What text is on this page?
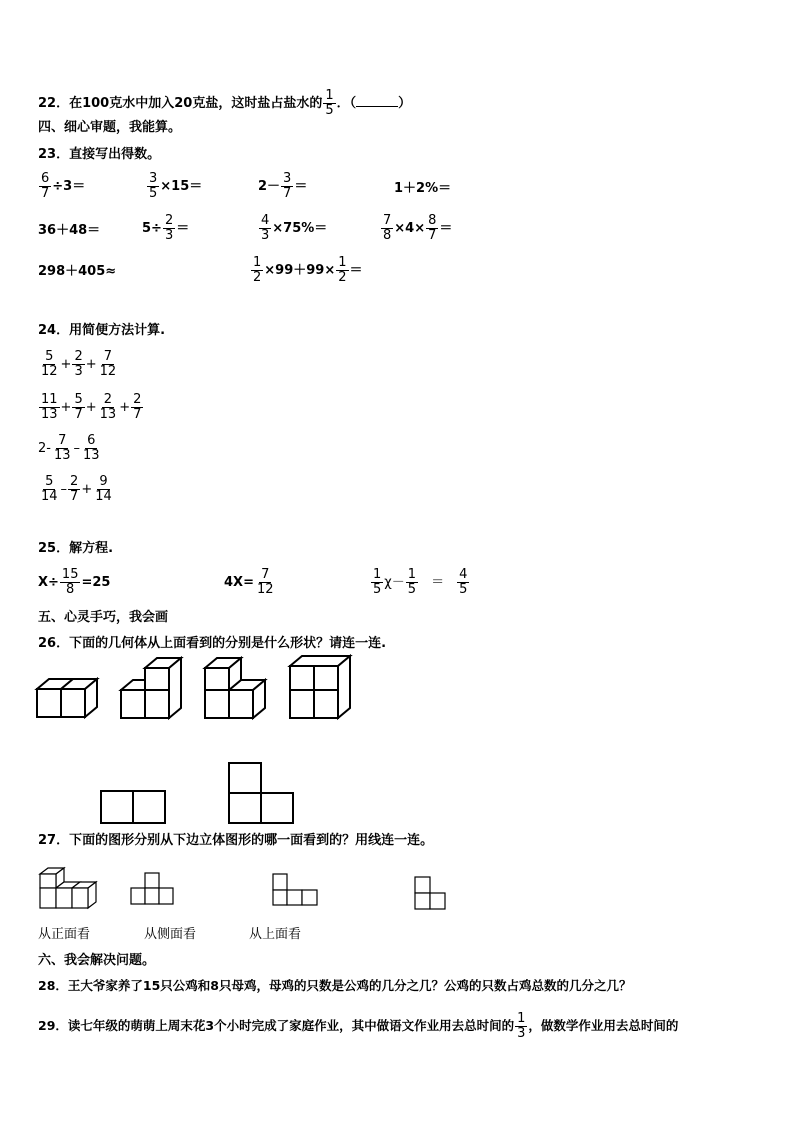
22．在100克水中加入20克盐，这时盐占盐水的 $\frac{1}{5}$ ．（	）
四、细心审题，我能算。
23．直接写出得数。
$\frac{6}{7} \div 3=$	$\frac{3}{5} \times 15=$	$2- \frac{3}{7}$ ＝	1＋2%＝
36＋48＝	$5\div \frac{2}{3}$ ＝	$\frac{4}{3} \times 75\%=$	$\frac{7}{8} \times 4\times \frac{8}{7}$ ＝
298＋405≈	$\frac{1}{2} \times 99+99\times \frac{1}{2}$ ＝
24．用简便方法计算.
$\frac{5}{12} + \frac{2}{3} + \frac{7}{12}$
$\frac{11}{13} + \frac{5}{7} + \frac{2}{13} + \frac{2}{7}$
$2- \frac{7}{13} - \frac{6}{13}$
$\frac{5}{14} - \frac{2}{7} + \frac{9}{14}$
25．解方程.
$X\div \frac{15}{8} =25$	$4X= \frac{7}{12}$	$\frac{1}{5} \chi- \frac{1}{5} = \frac{4}{5}$
五、心灵手巧，我会画
26．下面的几何体从上面看到的分别是什么形状？请连一连.
27．下面的图形分别从下边立体图形的哪一面看到的？用线连一连。
从正面看	从侧面看	从上面看
六、我会解决问题。
28．王大爷家养了15只公鸡和8只母鸡，母鸡的只数是公鸡的几分之几？公鸡的只数占鸡总数的几分之几？
29．读七年级的萌萌上周末花3个小时完成了家庭作业，其中做语文作业用去总时间的 $\frac{1}{3}$ ，做数学作业用去总时间的
